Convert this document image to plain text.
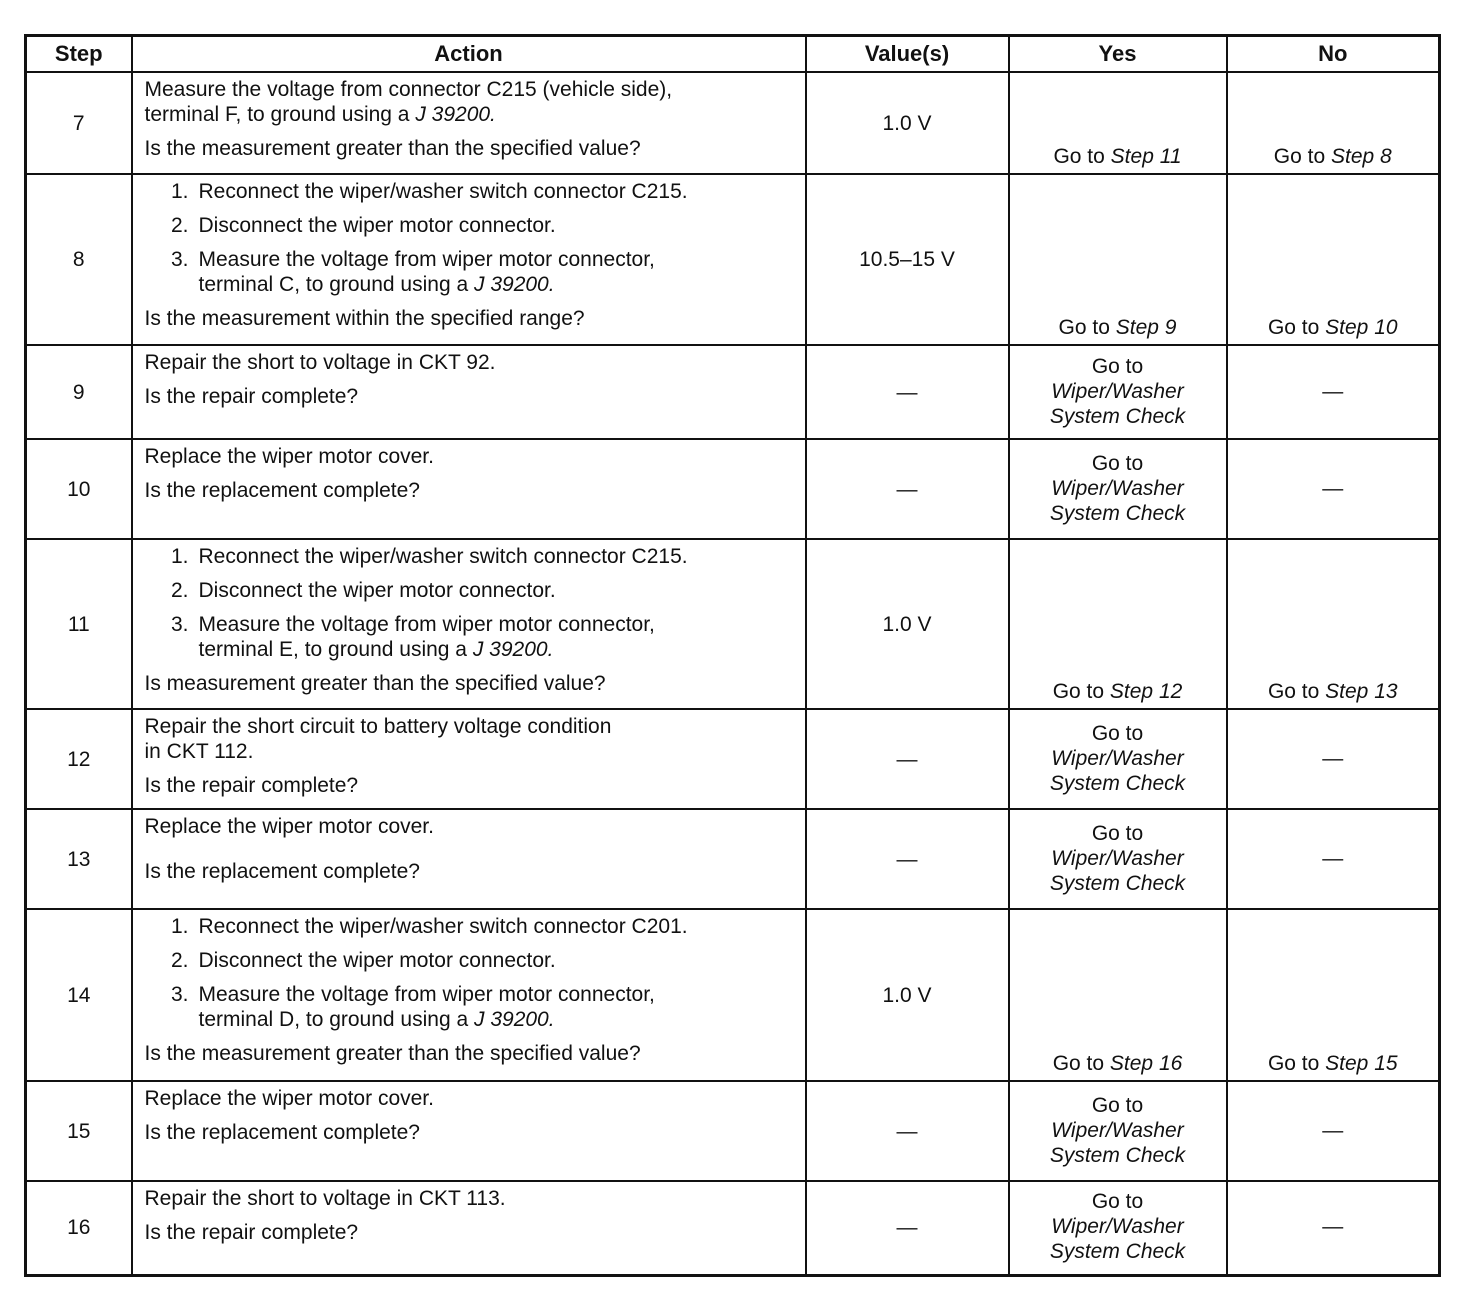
Step	Action	Value(s)	Yes	No
7	Measure the voltage from connector C215 (vehicle side),
terminal F, to ground using a J 39200.
Is the measurement greater than the specified value?	1.0 V	Go to Step 11	Go to Step 8
8	1. Reconnect the wiper/washer switch connector C215.
2. Disconnect the wiper motor connector.
3. Measure the voltage from wiper motor connector,
terminal C, to ground using a J 39200.
Is the measurement within the specified range?	10.5–15 V	Go to Step 9	Go to Step 10
9	Repair the short to voltage in CKT 92.
Is the repair complete?	—	Go to
Wiper/Washer
System Check	—
10	Replace the wiper motor cover.
Is the replacement complete?	—	Go to
Wiper/Washer
System Check	—
11	1. Reconnect the wiper/washer switch connector C215.
2. Disconnect the wiper motor connector.
3. Measure the voltage from wiper motor connector,
terminal E, to ground using a J 39200.
Is measurement greater than the specified value?	1.0 V	Go to Step 12	Go to Step 13
12	Repair the short circuit to battery voltage condition
in CKT 112.
Is the repair complete?	—	Go to
Wiper/Washer
System Check	—
13	Replace the wiper motor cover.
Is the replacement complete?	—	Go to
Wiper/Washer
System Check	—
14	1. Reconnect the wiper/washer switch connector C201.
2. Disconnect the wiper motor connector.
3. Measure the voltage from wiper motor connector,
terminal D, to ground using a J 39200.
Is the measurement greater than the specified value?	1.0 V	Go to Step 16	Go to Step 15
15	Replace the wiper motor cover.
Is the replacement complete?	—	Go to
Wiper/Washer
System Check	—
16	Repair the short to voltage in CKT 113.
Is the repair complete?	—	Go to
Wiper/Washer
System Check	—
